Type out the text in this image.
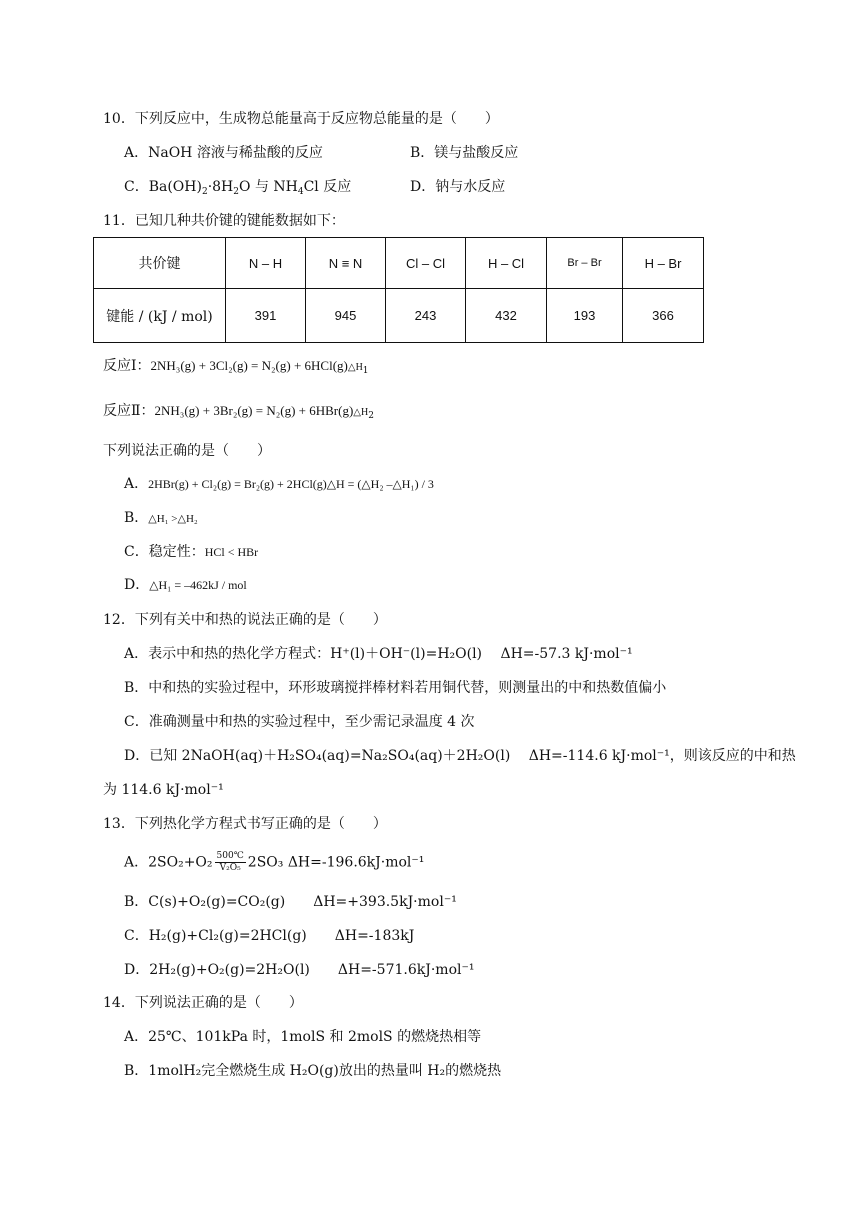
10．下列反应中，生成物总能量高于反应物总能量的是（　　）
A．NaOH 溶液与稀盐酸的反应	B．镁与盐酸反应
C．$Ba(OH)_2\cdot 8H_2O$ 与 $NH_4Cl$ 反应	D．钠与水反应
11．已知几种共价键的键能数据如下：
共价键	N – H	N ≡ N	Cl – Cl	H – Cl	Br – Br	H – Br
键能 / (kJ / mol)	391	945	243	432	193	366
反应Ⅰ：$2NH_3(g) + 3Cl_2(g) = N_2(g) + 6HCl(g)\triangle H_1$
反应Ⅱ：$2NH_3(g) + 3Br_2(g) = N_2(g) + 6HBr(g)\triangle H_2$
下列说法正确的是（　　）
A．2HBr(g) + Cl₂(g) = Br₂(g) + 2HCl(g)△H = (△H₂ –△H₁) / 3
B．△H₁ >△H₂
C．稳定性：HCl < HBr
D．△H₁ = –462kJ / mol
12．下列有关中和热的说法正确的是（　　）
A．表示中和热的热化学方程式：H⁺(l)＋OH⁻(l)=H₂O(l)　 ΔH=-57.3 kJ·mol⁻¹
B．中和热的实验过程中，环形玻璃搅拌棒材料若用铜代替，则测量出的中和热数值偏小
C．准确测量中和热的实验过程中，至少需记录温度 4 次
D．已知 2NaOH(aq)＋H₂SO₄(aq)=Na₂SO₄(aq)＋2H₂O(l)　 ΔH=-114.6 kJ·mol⁻¹，则该反应的中和热
为 114.6 kJ·mol⁻¹
13．下列热化学方程式书写正确的是（　　）
A．$2SO_2+O_2 \frac{500℃}{\text{V₂O₅}} 2SO_3$ ΔH=-196.6kJ·mol⁻¹
B．C(s)+O₂(g)=CO₂(g)　　ΔH=+393.5kJ·mol⁻¹
C．H₂(g)+Cl₂(g)=2HCl(g)　　ΔH=-183kJ
D．2H₂(g)+O₂(g)=2H₂O(l)　　ΔH=-571.6kJ·mol⁻¹
14．下列说法正确的是（　　）
A．25℃、101kPa 时，1molS 和 2molS 的燃烧热相等
B．1molH₂完全燃烧生成 H₂O(g)放出的热量叫 H₂的燃烧热
